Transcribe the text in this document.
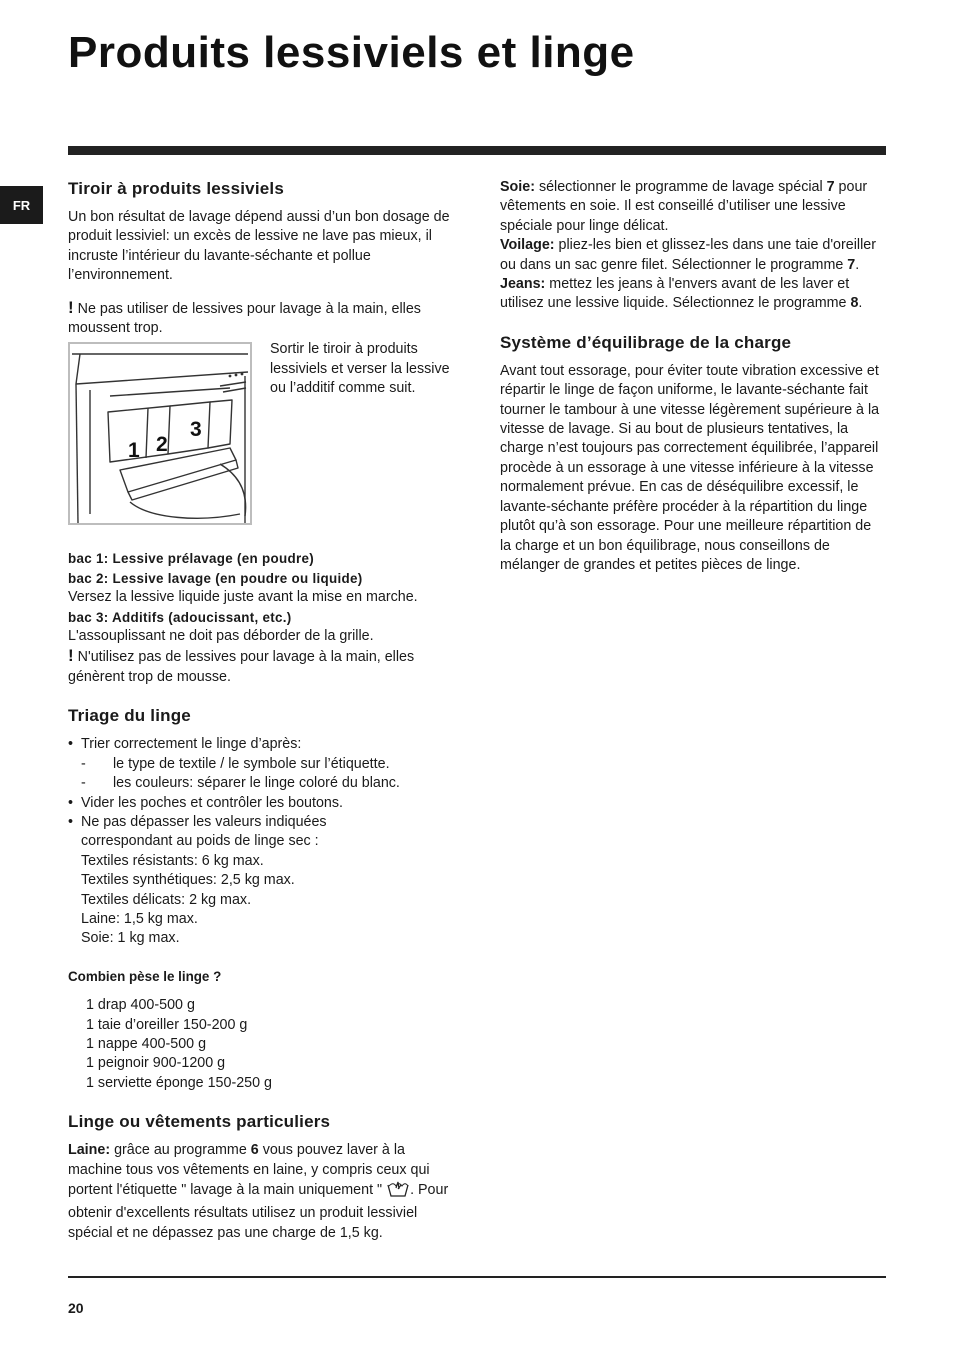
Produits lessiviels et linge
FR
Tiroir à produits lessiviels

Un bon résultat de lavage dépend aussi d’un bon dosage de produit lessiviel: un excès de lessive ne lave pas mieux, il incruste l’intérieur du lavante-séchante et pollue l’environnement.

! Ne pas utiliser de lessives pour lavage à la main, elles moussent trop.

1 2
3

Sortir le tiroir à produits lessiviels et verser la lessive ou l’additif comme suit.

bac 1: Lessive prélavage (en poudre)

bac 2: Lessive lavage (en poudre ou liquide)

Versez la lessive liquide juste avant la mise en marche.

bac 3: Additifs (adoucissant, etc.)

L'assouplissant ne doit pas déborder de la grille.

! N'utilisez pas de lessives pour lavage à la main, elles génèrent trop de mousse.

Triage du linge
• Trier correctement le linge d’après:
- le type de textile / le symbole sur l’étiquette.
- les couleurs: séparer le linge coloré du blanc.
• Vider les poches et contrôler les boutons.
• Ne pas dépasser les valeurs indiquées

correspondant au poids de linge sec :

Textiles résistants: 6 kg max.

Textiles synthétiques: 2,5 kg max.

Textiles délicats: 2 kg max.

Laine: 1,5 kg max.

Soie: 1 kg max.

Combien pèse le linge ?

1 drap 400-500 g
1 taie d’oreiller 150-200 g
1 nappe 400-500 g
1 peignoir 900-1200 g
1 serviette éponge 150-250 g
Linge ou vêtements particuliers

Laine: grâce au programme 6 vous pouvez laver à la machine tous vos vêtements en laine, y compris ceux qui portent l'étiquette " lavage à la main uniquement " . Pour obtenir d'excellents résultats utilisez un produit lessiviel spécial et ne dépassez pas une charge de 1,5 kg.

Soie: sélectionner le programme de lavage spécial 7 pour vêtements en soie. Il est conseillé d’utiliser une lessive spéciale pour linge délicat.

Voilage: pliez-les bien et glissez-les dans une taie d'oreiller ou dans un sac genre filet. Sélectionner le programme 7.

Jeans: mettez les jeans à l'envers avant de les laver et utilisez une lessive liquide. Sélectionnez le programme 8.

Système d’équilibrage de la charge

Avant tout essorage, pour éviter toute vibration excessive et répartir le linge de façon uniforme, le lavante-séchante fait tourner le tambour à une vitesse légèrement supérieure à la vitesse de lavage. Si au bout de plusieurs tentatives, la charge n’est toujours pas correctement équilibrée, l’appareil procède à un essorage à une vitesse inférieure à la vitesse normalement prévue. En cas de déséquilibre excessif, le lavante-séchante préfère procéder à la répartition du linge plutôt qu’à son essorage. Pour une meilleure répartition de la charge et un bon équilibrage, nous conseillons de mélanger de grandes et petites pièces de linge.

20
